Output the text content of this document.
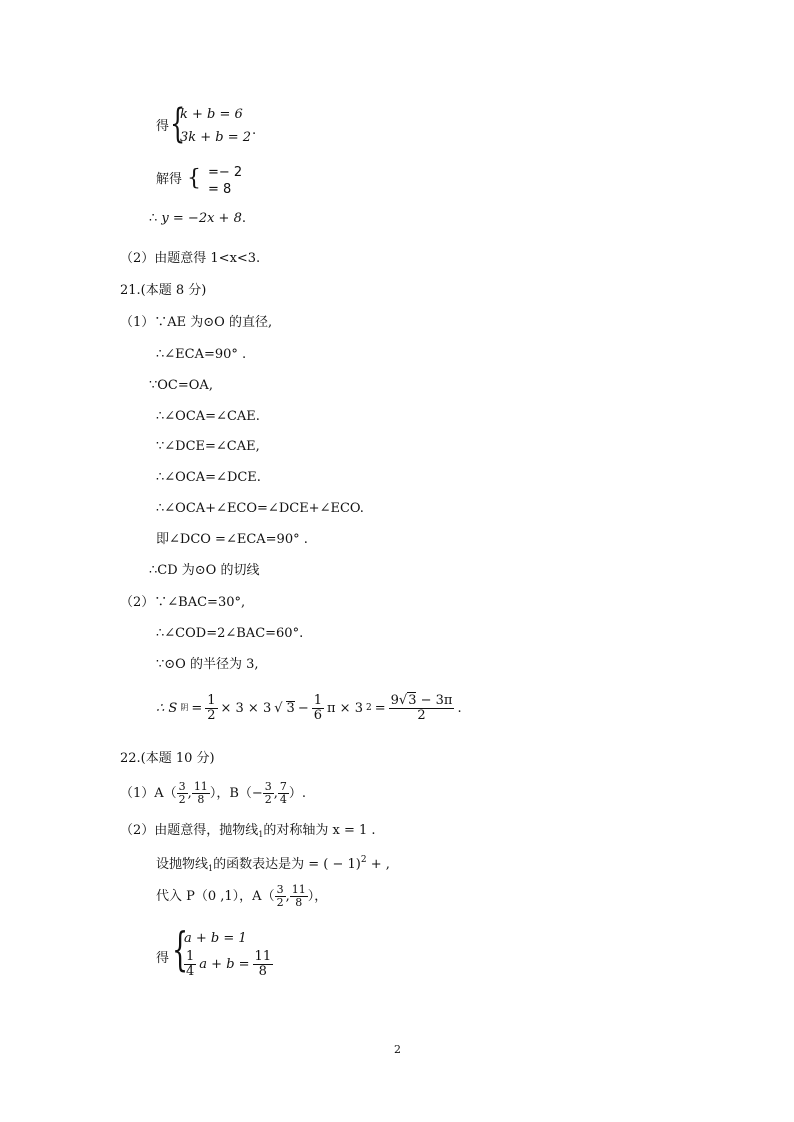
得 {
k + b = 6
3k + b = 2 .
解得 { =− 2
= 8
∴ y = −2x + 8.
（2）由题意得 1<x<3.
21.(本题 8 分)
（1）∵AE 为⊙O 的直径,
∴∠ECA=90° .
∵OC=OA,
∴∠OCA=∠CAE.
∵∠DCE=∠CAE,
∴∠OCA=∠DCE.
∴∠OCA+∠ECO=∠DCE+∠ECO.
即∠DCO =∠ECA=90° .
∴CD 为⊙O 的切线
（2）∵∠BAC=30°,
∴∠COD=2∠BAC=60°.
∵⊙O 的半径为 3,
∴ S 阴 = $\frac{1}{2} \times 3 \times 3$ √ $3 - \frac{1}{6}$ π × 3 $2 = \frac{9√3 - 3\pi}{2}$ .
22.(本题 10 分)
$(1)A( \frac{3}{2}$ , $\frac{11}{8}$ ），$B(- \frac{3}{2}$ , $\frac{7}{4}$ ）.
（2）由题意得，抛物线$_1$的对称轴为 x = 1 .
设抛物线$_1$的函数表达是为 = ( − 1)$^2$ + ,
代入 P（0 ,1），$A( \frac{3}{2}$ , $\frac{11}{8}$ ），
得 {
a + b = 1
$\frac{1}{4}$ $a + b = \frac{11}{8}$
2
